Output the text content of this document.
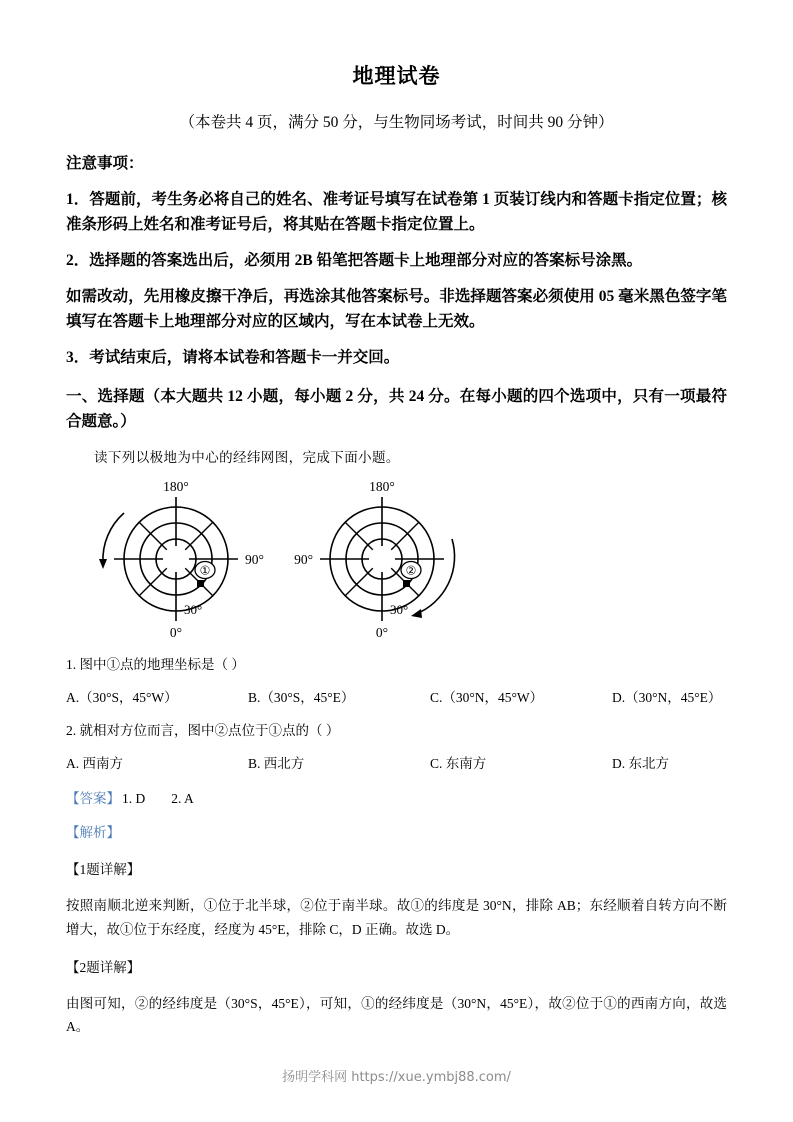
地理试卷
（本卷共 4 页，满分 50 分，与生物同场考试，时间共 90 分钟）
注意事项：
1．答题前，考生务必将自己的姓名、准考证号填写在试卷第 1 页装订线内和答题卡指定位置；核准条形码上姓名和准考证号后，将其贴在答题卡指定位置上。
2．选择题的答案选出后，必须用 2B 铅笔把答题卡上地理部分对应的答案标号涂黑。
如需改动，先用橡皮擦干净后，再选涂其他答案标号。非选择题答案必须使用 05 毫米黑色签字笔填写在答题卡上地理部分对应的区域内，写在本试卷上无效。
3．考试结束后，请将本试卷和答题卡一并交回。
一、选择题（本大题共 12 小题，每小题 2 分，共 24 分。在每小题的四个选项中，只有一项最符合题意。）
读下列以极地为中心的经纬网图，完成下面小题。
①
180°
90°
0°
30°
②
180°
90°
0°
30°
1. 图中①点的地理坐标是（ ）
A.（30°S，45°W）	B.（30°S，45°E）	C.（30°N，45°W）	D.（30°N，45°E）
2. 就相对方位而言，图中②点位于①点的（ ）
A. 西南方	B. 西北方	C. 东南方	D. 东北方
【答案】 1. D 2. A
【解析】
【1题详解】
按照南顺北逆来判断，①位于北半球，②位于南半球。故①的纬度是 30°N，排除 AB；东经顺着自转方向不断增大，故①位于东经度，经度为 45°E，排除 C，D 正确。故选 D。
【2题详解】
由图可知，②的经纬度是（30°S，45°E），可知，①的经纬度是（30°N，45°E），故②位于①的西南方向，故选 A。
扬明学科网 https://xue.ymbj88.com/
